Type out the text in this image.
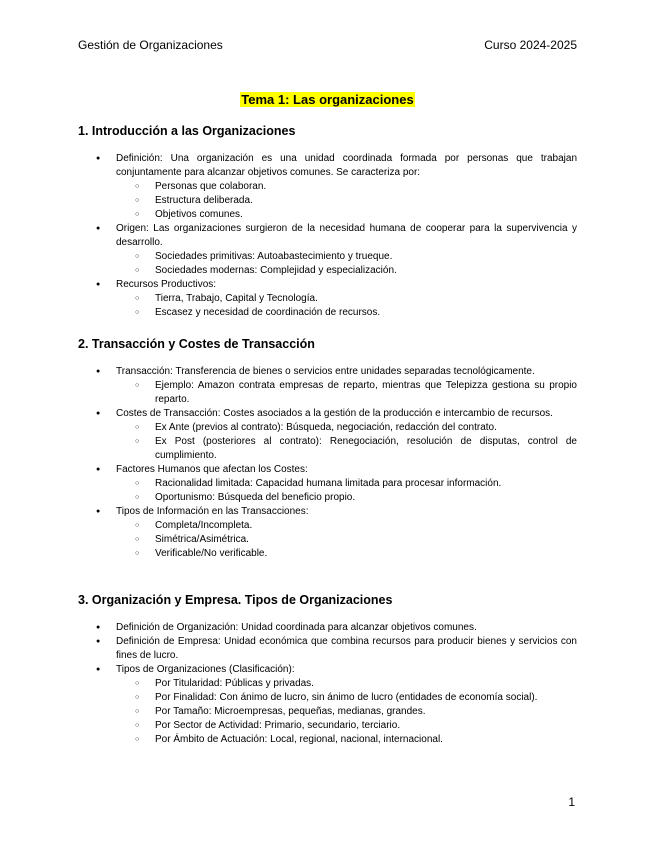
Gestión de Organizaciones	Curso 2024-2025
Tema 1: Las organizaciones
1. Introducción a las Organizaciones

● Definición: Una organización es una unidad coordinada formada por personas que trabajan conjuntamente para alcanzar objetivos comunes. Se caracteriza por:

○ Personas que colaboran.

○ Estructura deliberada.

○ Objetivos comunes.

● Origen: Las organizaciones surgieron de la necesidad humana de cooperar para la supervivencia y desarrollo.

○ Sociedades primitivas: Autoabastecimiento y trueque.

○ Sociedades modernas: Complejidad y especialización.

● Recursos Productivos:

○ Tierra, Trabajo, Capital y Tecnología.

○ Escasez y necesidad de coordinación de recursos.

2. Transacción y Costes de Transacción

● Transacción: Transferencia de bienes o servicios entre unidades separadas tecnológicamente.

○ Ejemplo: Amazon contrata empresas de reparto, mientras que Telepizza gestiona su propio reparto.

● Costes de Transacción: Costes asociados a la gestión de la producción e intercambio de recursos.

○ Ex Ante (previos al contrato): Búsqueda, negociación, redacción del contrato.

○ Ex Post (posteriores al contrato): Renegociación, resolución de disputas, control de cumplimiento.

● Factores Humanos que afectan los Costes:

○ Racionalidad limitada: Capacidad humana limitada para procesar información.

○ Oportunismo: Búsqueda del beneficio propio.

● Tipos de Información en las Transacciones:

○ Completa/Incompleta.

○ Simétrica/Asimétrica.

○ Verificable/No verificable.

3. Organización y Empresa. Tipos de Organizaciones

● Definición de Organización: Unidad coordinada para alcanzar objetivos comunes.

● Definición de Empresa: Unidad económica que combina recursos para producir bienes y servicios con fines de lucro.

● Tipos de Organizaciones (Clasificación):

○ Por Titularidad: Públicas y privadas.

○ Por Finalidad: Con ánimo de lucro, sin ánimo de lucro (entidades de economía social).

○ Por Tamaño: Microempresas, pequeñas, medianas, grandes.

○ Por Sector de Actividad: Primario, secundario, terciario.

○ Por Ámbito de Actuación: Local, regional, nacional, internacional.

1
